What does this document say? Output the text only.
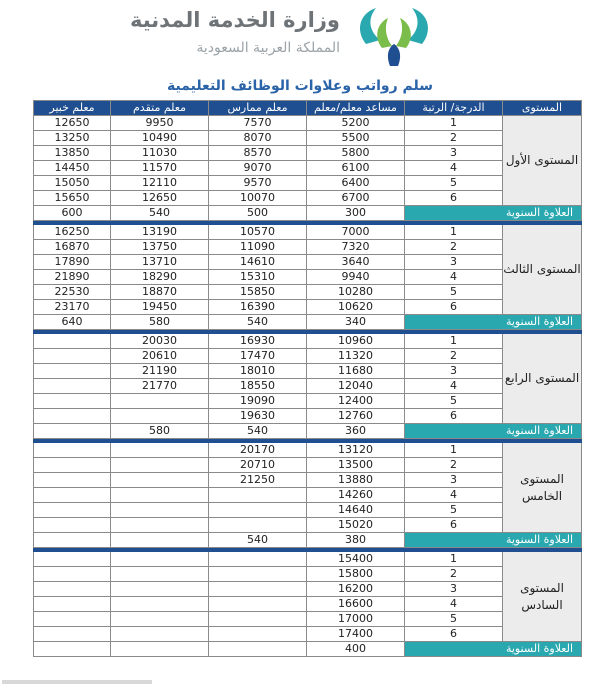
وزارة الخدمة المدنية
المملكة العربية السعودية
سلم رواتب وعلاوات الوظائف التعليمية
معلم خبير	معلم متقدم	معلم ممارس	مساعد معلم/معلم	الدرجة/ الرتبة	المستوى
12650	9950	7570	5200	1	المستوى الأول
13250	10490	8070	5500	2	
13850	11030	8570	5800	3	
14450	11570	9070	6100	4	
15050	12110	9570	6400	5	
15650	12650	10070	6700	6	
600	540	500	300	العلاوة السنوية	

16250	13190	10570	7000	1	المستوى الثالث
16870	13750	11090	7320	2	
17890	13710	14610	3640	3	
21890	18290	15310	9940	4	
22530	18870	15850	10280	5	
23170	19450	16390	10620	6	
640	580	540	340	العلاوة السنوية	

	20030	16930	10960	1	المستوى الرابع
	20610	17470	11320	2	
	21190	18010	11680	3	
	21770	18550	12040	4	
		19090	12400	5	
		19630	12760	6	
	580	540	360	العلاوة السنوية	

		20170	13120	1	المستوى الخامس
		20710	13500	2	
		21250	13880	3	
			14260	4	
			14640	5	
			15020	6	
		540	380	العلاوة السنوية	

			15400	1	المستوى السادس
			15800	2	
			16200	3	
			16600	4	
			17000	5	
			17400	6	
			400	العلاوة السنوية	
